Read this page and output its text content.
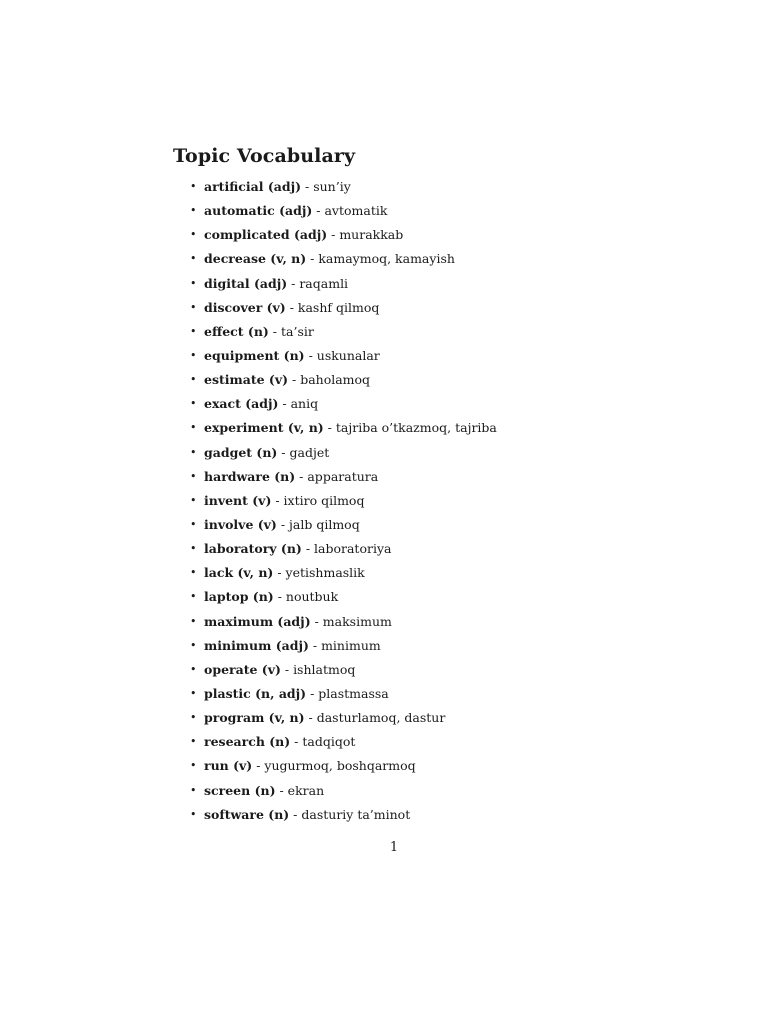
Topic Vocabulary
• artificial (adj) - sun’iy
• automatic (adj) - avtomatik
• complicated (adj) - murakkab
• decrease (v, n) - kamaymoq, kamayish
• digital (adj) - raqamli
• discover (v) - kashf qilmoq
• effect (n) - ta’sir
• equipment (n) - uskunalar
• estimate (v) - baholamoq
• exact (adj) - aniq
• experiment (v, n) - tajriba o’tkazmoq, tajriba
• gadget (n) - gadjet
• hardware (n) - apparatura
• invent (v) - ixtiro qilmoq
• involve (v) - jalb qilmoq
• laboratory (n) - laboratoriya
• lack (v, n) - yetishmaslik
• laptop (n) - noutbuk
• maximum (adj) - maksimum
• minimum (adj) - minimum
• operate (v) - ishlatmoq
• plastic (n, adj) - plastmassa
• program (v, n) - dasturlamoq, dastur
• research (n) - tadqiqot
• run (v) - yugurmoq, boshqarmoq
• screen (n) - ekran
• software (n) - dasturiy ta’minot
1
